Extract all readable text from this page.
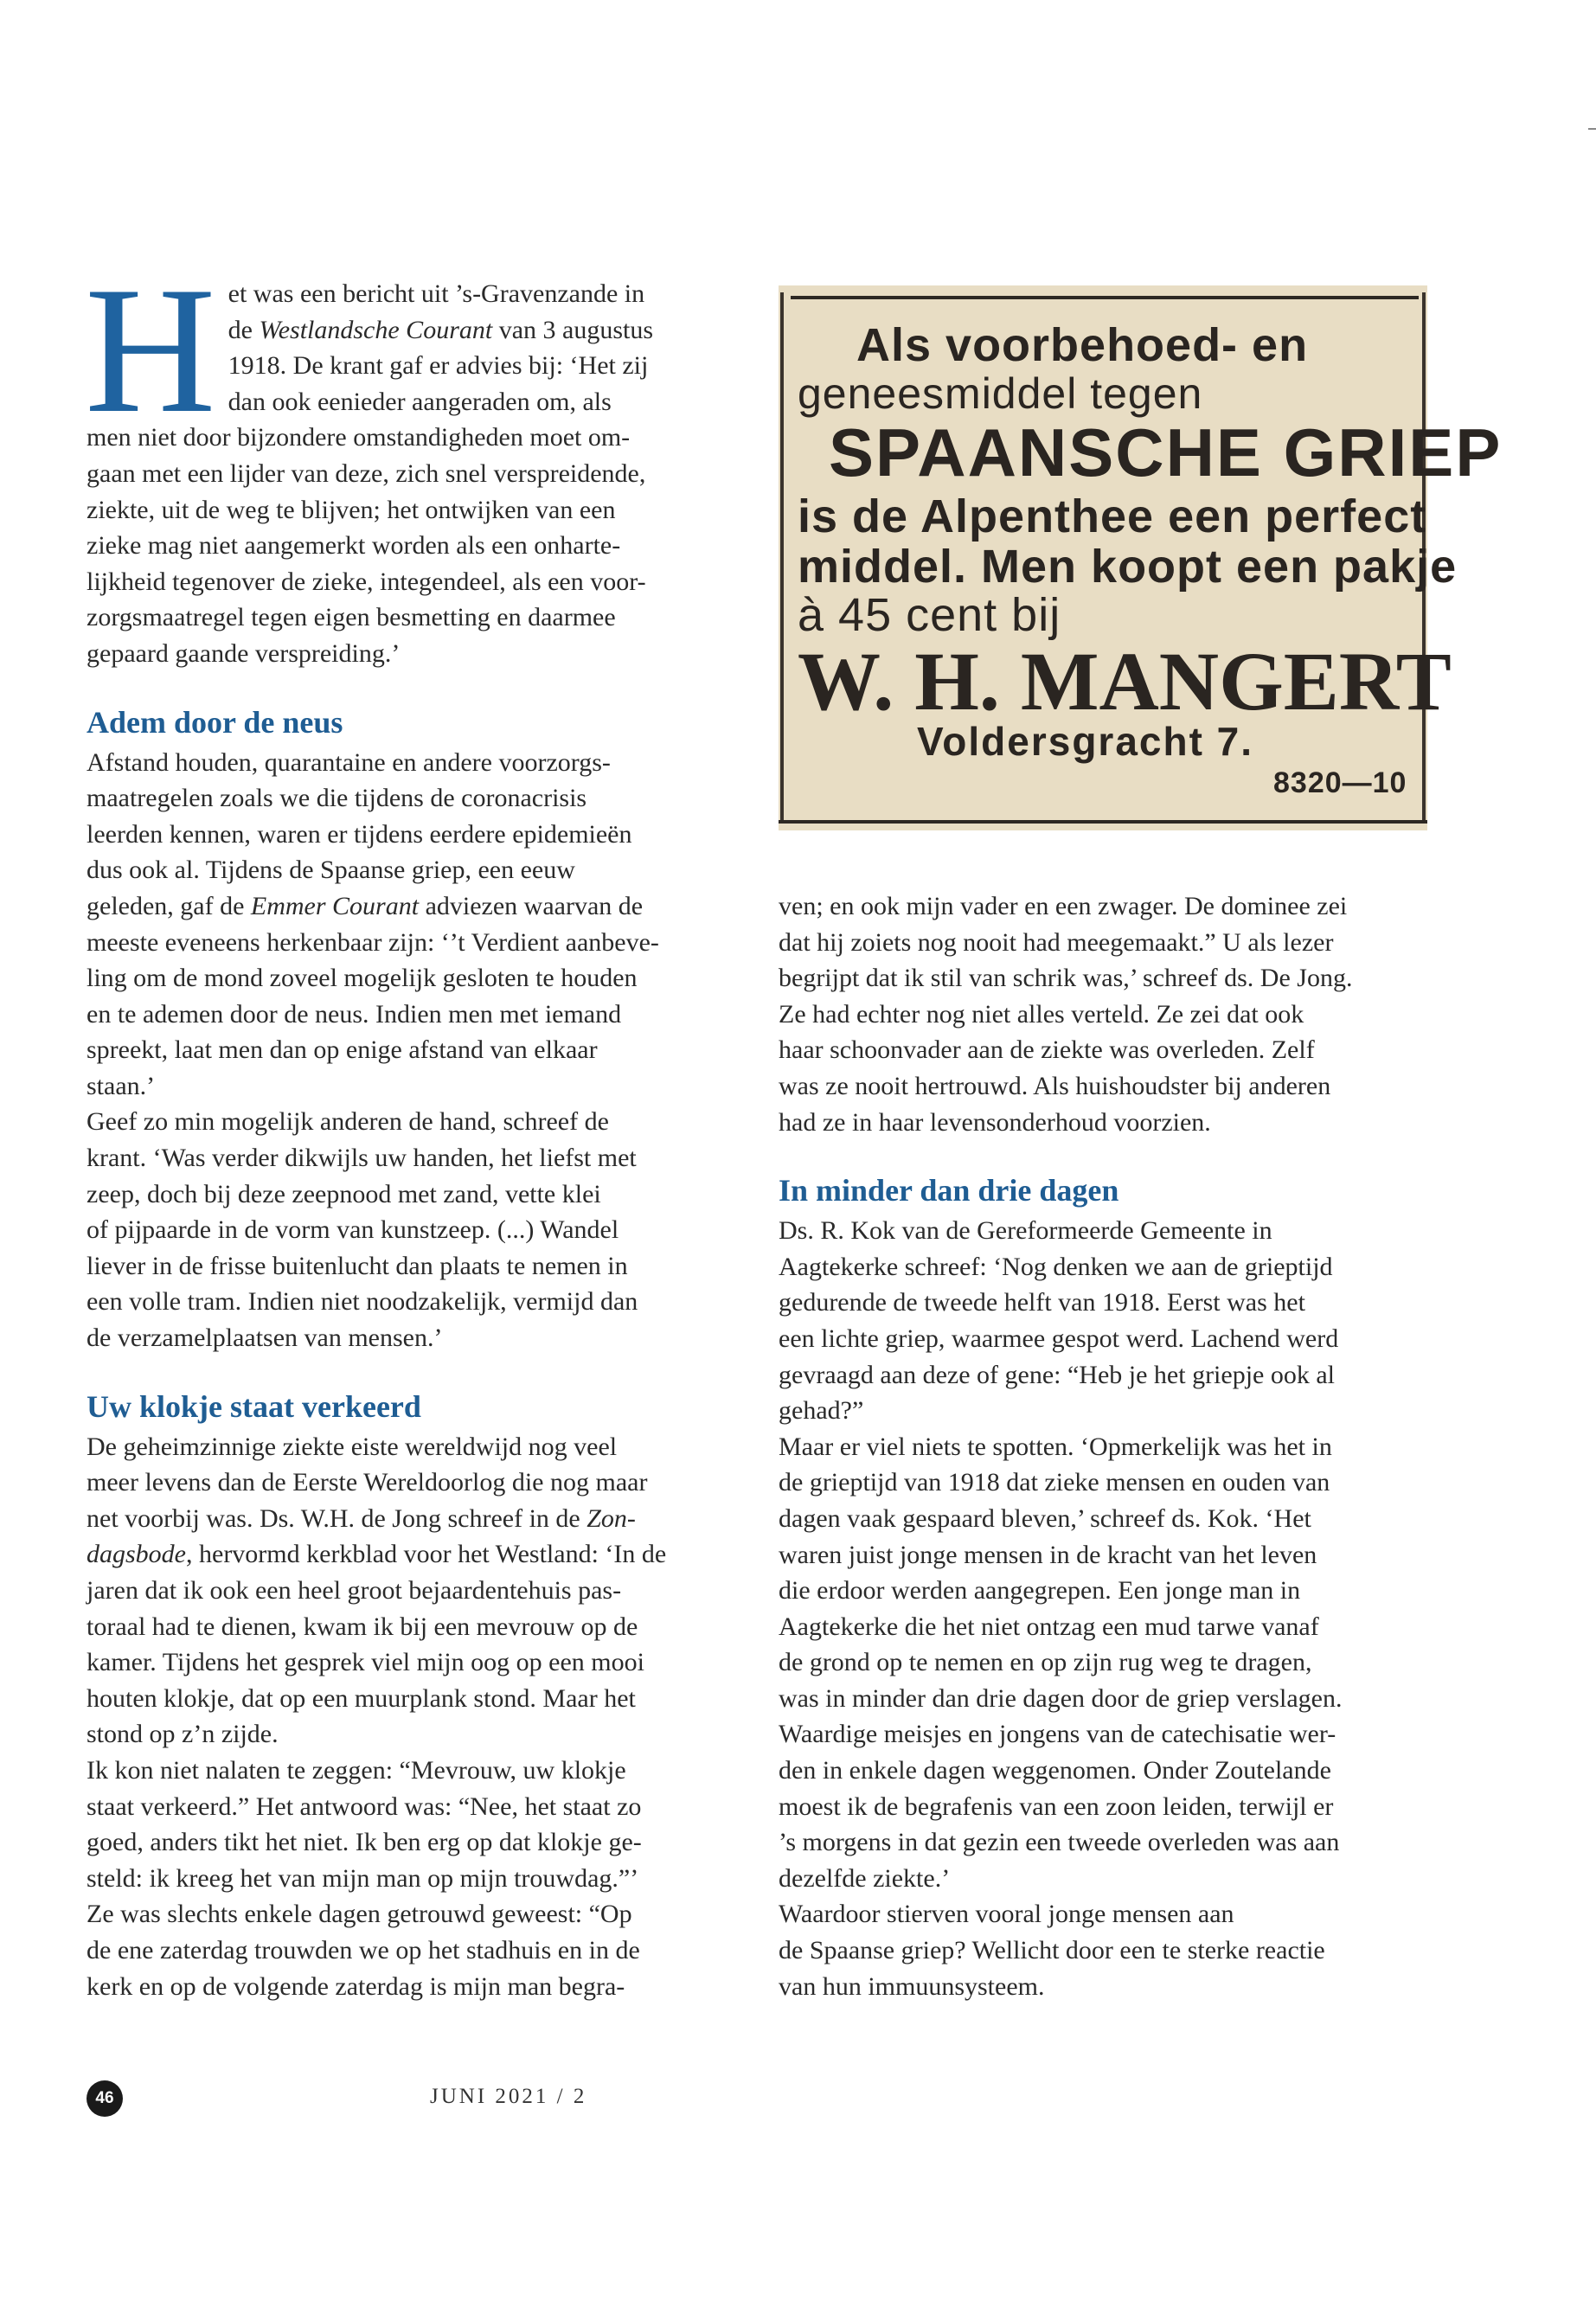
H et was een bericht uit ’s-Gravenzande in
de Westlandsche Courant van 3 augustus
1918. De krant gaf er advies bij: ‘Het zij
dan ook eenieder aangeraden om, als
men niet door bijzondere omstandigheden moet om-
gaan met een lijder van deze, zich snel verspreidende,
ziekte, uit de weg te blijven; het ontwijken van een
zieke mag niet aangemerkt worden als een onharte-
lijkheid tegenover de zieke, integendeel, als een voor-
zorgsmaatregel tegen eigen besmetting en daarmee
gepaard gaande verspreiding.’
Adem door de neus
Afstand houden, quarantaine en andere voorzorgs-
maatregelen zoals we die tijdens de coronacrisis
leerden kennen, waren er tijdens eerdere epidemieën
dus ook al. Tijdens de Spaanse griep, een eeuw
geleden, gaf de Emmer Courant adviezen waarvan de
meeste eveneens herkenbaar zijn: ‘’t Verdient aanbeve-
ling om de mond zoveel mogelijk gesloten te houden
en te ademen door de neus. Indien men met iemand
spreekt, laat men dan op enige afstand van elkaar
staan.’
Geef zo min mogelijk anderen de hand, schreef de
krant. ‘Was verder dikwijls uw handen, het liefst met
zeep, doch bij deze zeepnood met zand, vette klei
of pijpaarde in de vorm van kunstzeep. (...) Wandel
liever in de frisse buitenlucht dan plaats te nemen in
een volle tram. Indien niet noodzakelijk, vermijd dan
de verzamelplaatsen van mensen.’
Uw klokje staat verkeerd
De geheimzinnige ziekte eiste wereldwijd nog veel
meer levens dan de Eerste Wereldoorlog die nog maar
net voorbij was. Ds. W.H. de Jong schreef in de Zon-
dagsbode, hervormd kerkblad voor het Westland: ‘In de
jaren dat ik ook een heel groot bejaardentehuis pas-
toraal had te dienen, kwam ik bij een mevrouw op de
kamer. Tijdens het gesprek viel mijn oog op een mooi
houten klokje, dat op een muurplank stond. Maar het
stond op z’n zijde.
Ik kon niet nalaten te zeggen: “Mevrouw, uw klokje
staat verkeerd.” Het antwoord was: “Nee, het staat zo
goed, anders tikt het niet. Ik ben erg op dat klokje ge-
steld: ik kreeg het van mijn man op mijn trouwdag.”’
Ze was slechts enkele dagen getrouwd geweest: “Op
de ene zaterdag trouwden we op het stadhuis en in de
kerk en op de volgende zaterdag is mijn man begra-
Als voorbehoed- en
geneesmiddel tegen
SPAANSCHE GRIEP
is de Alpenthee een perfect
middel. Men koopt een pakje
à 45 cent bij
W. H. MANGERT
Voldersgracht 7.
8320—10
ven; en ook mijn vader en een zwager. De dominee zei
dat hij zoiets nog nooit had meegemaakt.” U als lezer
begrijpt dat ik stil van schrik was,’ schreef ds. De Jong.
Ze had echter nog niet alles verteld. Ze zei dat ook
haar schoonvader aan de ziekte was overleden. Zelf
was ze nooit hertrouwd. Als huishoudster bij anderen
had ze in haar levensonderhoud voorzien.
In minder dan drie dagen
Ds. R. Kok van de Gereformeerde Gemeente in
Aagtekerke schreef: ‘Nog denken we aan de grieptijd
gedurende de tweede helft van 1918. Eerst was het
een lichte griep, waarmee gespot werd. Lachend werd
gevraagd aan deze of gene: “Heb je het griepje ook al
gehad?”
Maar er viel niets te spotten. ‘Opmerkelijk was het in
de grieptijd van 1918 dat zieke mensen en ouden van
dagen vaak gespaard bleven,’ schreef ds. Kok. ‘Het
waren juist jonge mensen in de kracht van het leven
die erdoor werden aangegrepen. Een jonge man in
Aagtekerke die het niet ontzag een mud tarwe vanaf
de grond op te nemen en op zijn rug weg te dragen,
was in minder dan drie dagen door de griep verslagen.
Waardige meisjes en jongens van de catechisatie wer-
den in enkele dagen weggenomen. Onder Zoutelande
moest ik de begrafenis van een zoon leiden, terwijl er
’s morgens in dat gezin een tweede overleden was aan
dezelfde ziekte.’
Waardoor stierven vooral jonge mensen aan
de Spaanse griep? Wellicht door een te sterke reactie
van hun immuunsysteem.
46	JUNI 2021 / 2
